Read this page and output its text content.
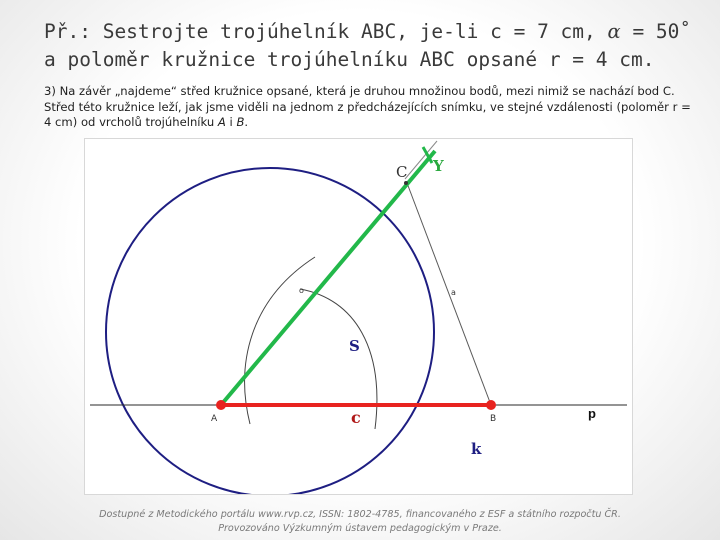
Př.: Sestrojte trojúhelník ABC, je-li c = 7 cm, α = 50˚
a poloměr kružnice trojúhelníku ABC opsané r = 4 cm.
3) Na závěr „najdeme“ střed kružnice opsané, která je druhou množinou bodů, mezi nimiž se nachází bod C. Střed této kružnice leží, jak jsme viděli na jednom z předcházejících snímku, ve stejné vzdálenosti (poloměr r = 4 cm) od vrcholů trojúhelníku A i B.
C Y
o	a
S
A	c	B	p
k
Dostupné z Metodického portálu www.rvp.cz, ISSN: 1802-4785, financovaného z ESF a státního rozpočtu ČR.
Provozováno Výzkumným ústavem pedagogickým v Praze.
